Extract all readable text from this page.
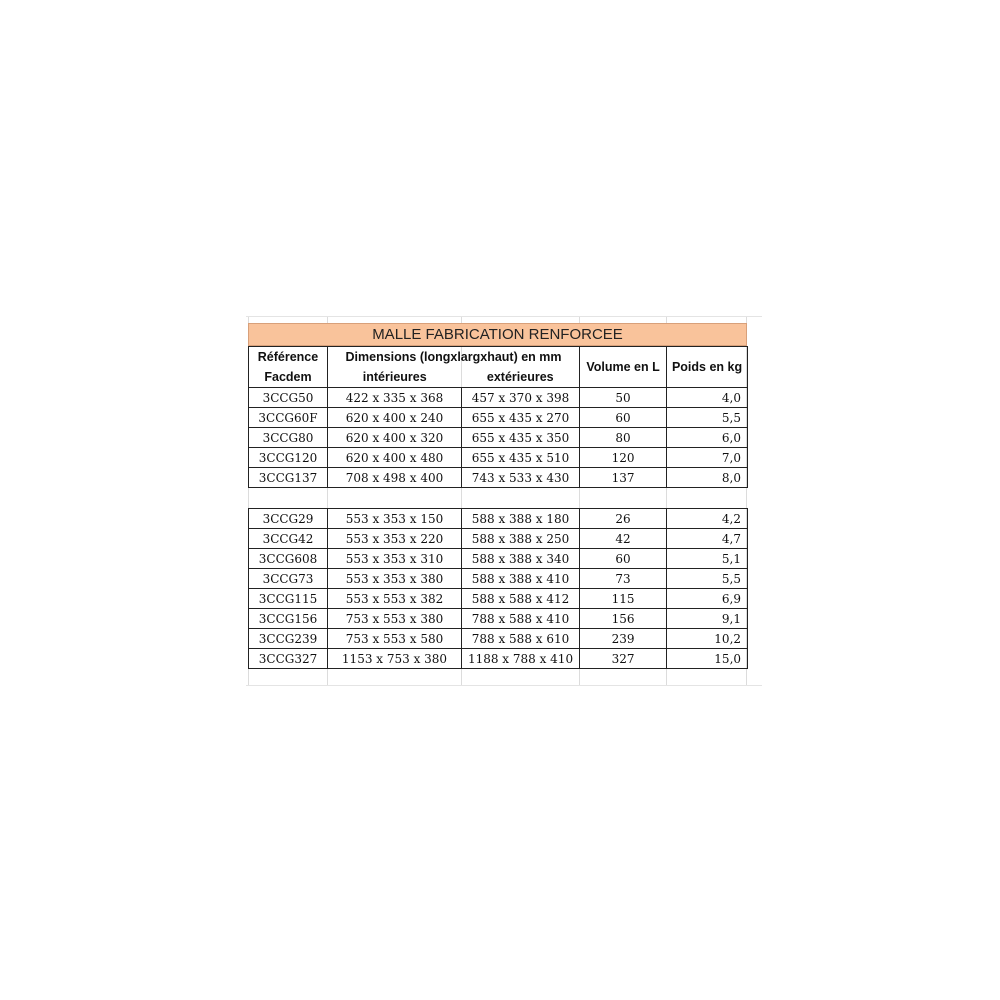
MALLE FABRICATION RENFORCEE
Référence	Dimensions (longxlargxhaut) en mm		Volume en L	Poids en kg
Facdem	intérieures	extérieures		
3CCG50	422 x 335 x 368	457 x 370 x 398	50	4,0
3CCG60F	620 x 400 x 240	655 x 435 x 270	60	5,5
3CCG80	620 x 400 x 320	655 x 435 x 350	80	6,0
3CCG120	620 x 400 x 480	655 x 435 x 510	120	7,0
3CCG137	708 x 498 x 400	743 x 533 x 430	137	8,0

3CCG29	553 x 353 x 150	588 x 388 x 180	26	4,2
3CCG42	553 x 353 x 220	588 x 388 x 250	42	4,7
3CCG608	553 x 353 x 310	588 x 388 x 340	60	5,1
3CCG73	553 x 353 x 380	588 x 388 x 410	73	5,5
3CCG115	553 x 553 x 382	588 x 588 x 412	115	6,9
3CCG156	753 x 553 x 380	788 x 588 x 410	156	9,1
3CCG239	753 x 553 x 580	788 x 588 x 610	239	10,2
3CCG327	1153 x 753 x 380	1188 x 788 x 410	327	15,0
